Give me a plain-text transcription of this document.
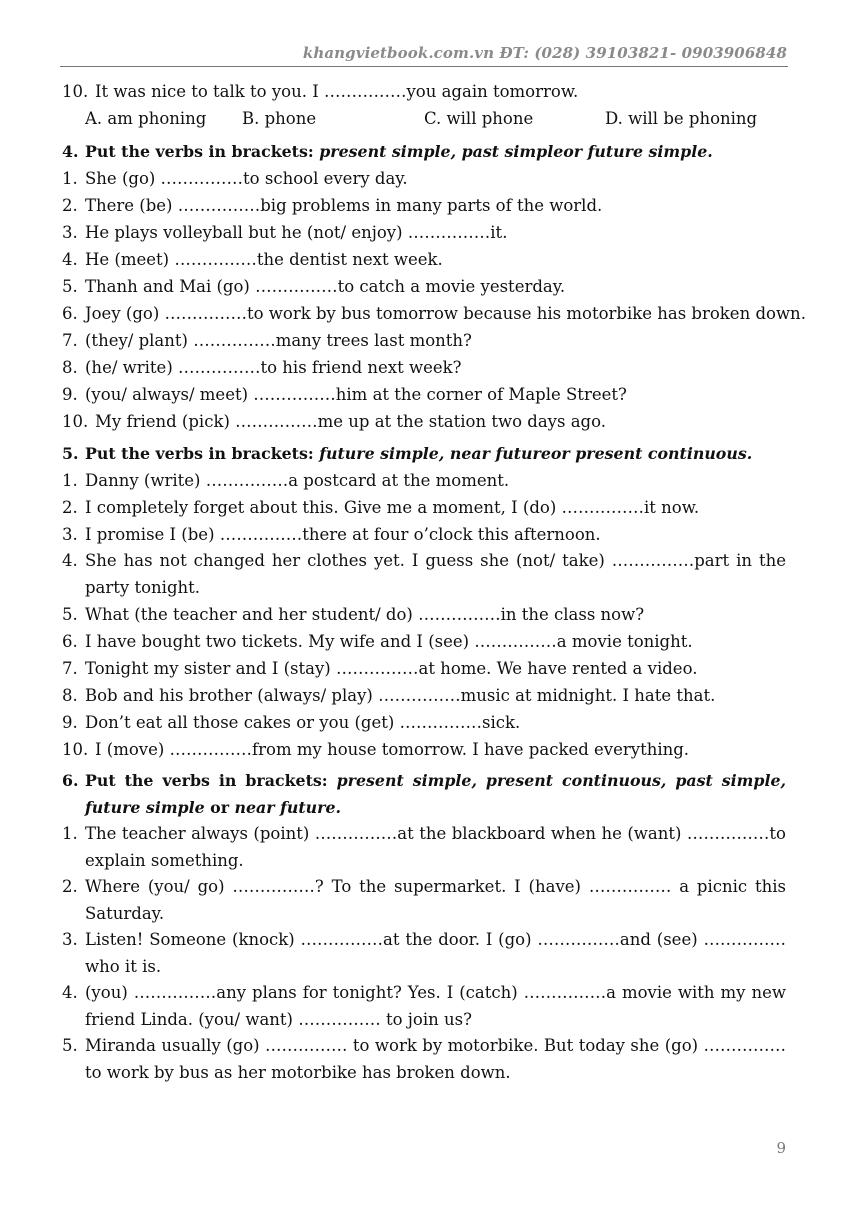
khangvietbook.com.vn ĐT: (028) 39103821- 0903906848
10. It was nice to talk to you. I ……………you again tomorrow.
A. am phoning B. phone	C. will phone	D. will be phoning
4. Put the verbs in brackets: present simple, past simpleor future simple.
1. She (go) ……………to school every day.
2. There (be) ……………big problems in many parts of the world.
3. He plays volleyball but he (not/ enjoy) ……………it.
4. He (meet) ……………the dentist next week.
5. Thanh and Mai (go) ……………to catch a movie yesterday.
6. Joey (go) ……………to work by bus tomorrow because his motorbike has broken down.
7. (they/ plant) ……………many trees last month?
8. (he/ write) ……………to his friend next week?
9. (you/ always/ meet) ……………him at the corner of Maple Street?
10. My friend (pick) ……………me up at the station two days ago.
5. Put the verbs in brackets: future simple, near futureor present continuous.
1. Danny (write) ……………a postcard at the moment.
2. I completely forget about this. Give me a moment, I (do) ……………it now.
3. I promise I (be) ……………there at four o’clock this afternoon.
4. She has not changed her clothes yet. I guess she (not/ take) ……………part in the party tonight.
5. What (the teacher and her student/ do) ……………in the class now?
6. I have bought two tickets. My wife and I (see) ……………a movie tonight.
7. Tonight my sister and I (stay) ……………at home. We have rented a video.
8. Bob and his brother (always/ play) ……………music at midnight. I hate that.
9. Don’t eat all those cakes or you (get) ……………sick.
10. I (move) ……………from my house tomorrow. I have packed everything.
6. Put the verbs in brackets: present simple, present continuous, past simple, future simple or near future.
1. The teacher always (point) ……………at the blackboard when he (want) ……………to explain something.
2. Where (you/ go) ……………? To the supermarket. I (have) …………… a picnic this Saturday.
3. Listen! Someone (knock) ……………at the door. I (go) ……………and (see) …………… who it is.
4. (you) ……………any plans for tonight? Yes. I (catch) ……………a movie with my new friend Linda. (you/ want) …………… to join us?
5. Miranda usually (go) …………… to work by motorbike. But today she (go) …………… to work by bus as her motorbike has broken down.
9
